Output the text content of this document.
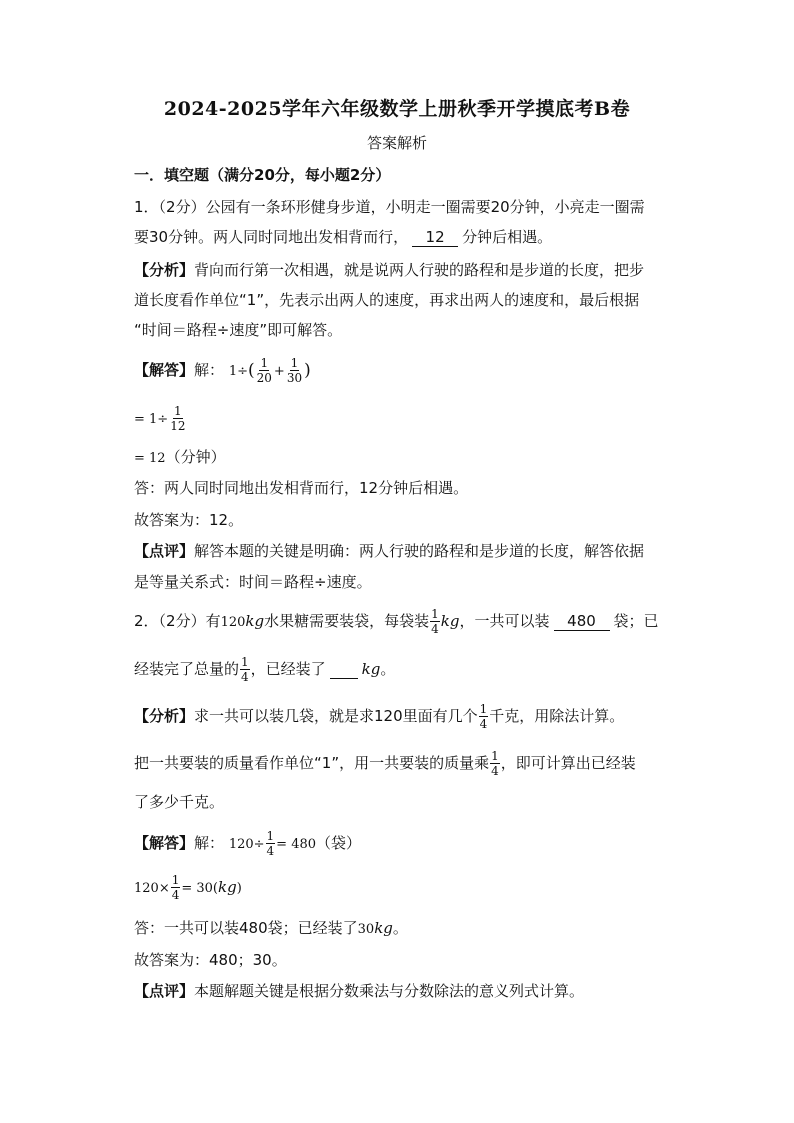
2024-2025学年六年级数学上册秋季开学摸底考B卷
答案解析
一．填空题（满分20分，每小题2分）
1．（2分）公园有一条环形健身步道，小明走一圈需要20分钟，小亮走一圈需
要30分钟。两人同时同地出发相背而行， 12 分钟后相遇。
【分析】背向而行第一次相遇，就是说两人行驶的路程和是步道的长度，把步
道长度看作单位“1”，先表示出两人的速度，再求出两人的速度和，最后根据
“时间＝路程÷速度”即可解答。
【解答】解： $1\div( \frac{1}{20} + \frac{1}{30}$ )
= $1\div \frac{1}{12}$
= 12（分钟）
答：两人同时同地出发相背而行，12分钟后相遇。
故答案为：12。
【点评】解答本题的关键是明确：两人行驶的路程和是步道的长度，解答依据
是等量关系式：时间＝路程÷速度。
2．（2分）有120kg水果糖需要装袋，每袋装 $\frac{1}{4}$ kg，一共可以装 480 袋；已
经装完了总量的 $\frac{1}{4}$ ，已经装了 kg。
【分析】求一共可以装几袋，就是求120里面有几个 $\frac{1}{4}$ 千克，用除法计算。
把一共要装的质量看作单位“1”，用一共要装的质量乘 $\frac{1}{4}$ ，即可计算出已经装
了多少千克。
【解答】解： $120\div \frac{1}{4} = 480$（袋）
$120\times \frac{1}{4} = 30(kg)$
答：一共可以装480袋；已经装了30kg。
故答案为：480；30。
【点评】本题解题关键是根据分数乘法与分数除法的意义列式计算。
